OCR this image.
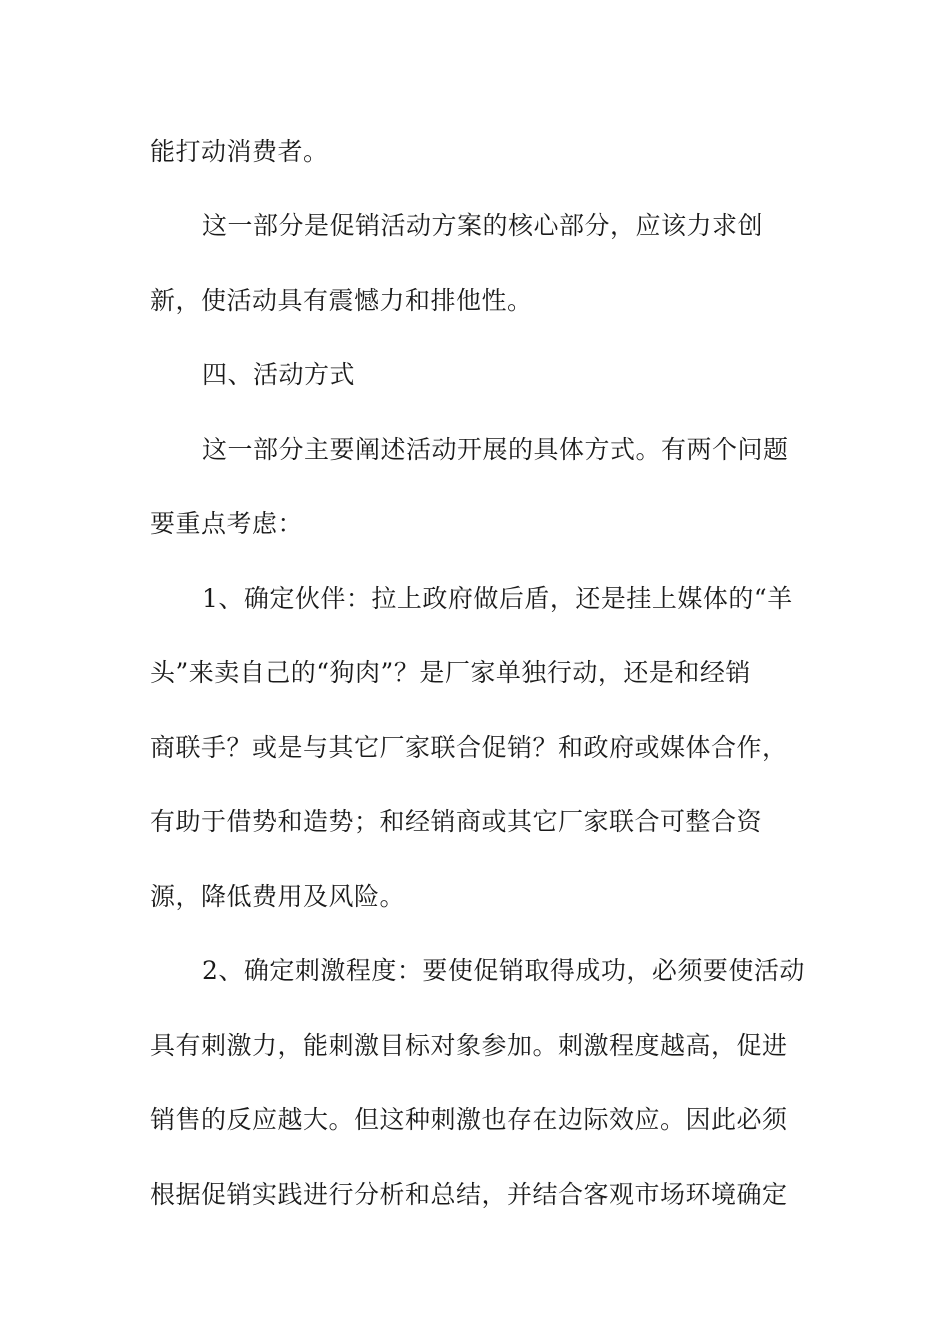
能打动消费者。
这一部分是促销活动方案的核心部分，应该力求创
新，使活动具有震憾力和排他性。
四、活动方式
这一部分主要阐述活动开展的具体方式。有两个问题
要重点考虑：
1、确定伙伴：拉上政府做后盾，还是挂上媒体的“羊
头”来卖自己的“狗肉”？是厂家单独行动，还是和经销
商联手？或是与其它厂家联合促销？和政府或媒体合作，
有助于借势和造势；和经销商或其它厂家联合可整合资
源，降低费用及风险。
2、确定刺激程度：要使促销取得成功，必须要使活动
具有刺激力，能刺激目标对象参加。刺激程度越高，促进
销售的反应越大。但这种刺激也存在边际效应。因此必须
根据促销实践进行分析和总结，并结合客观市场环境确定
